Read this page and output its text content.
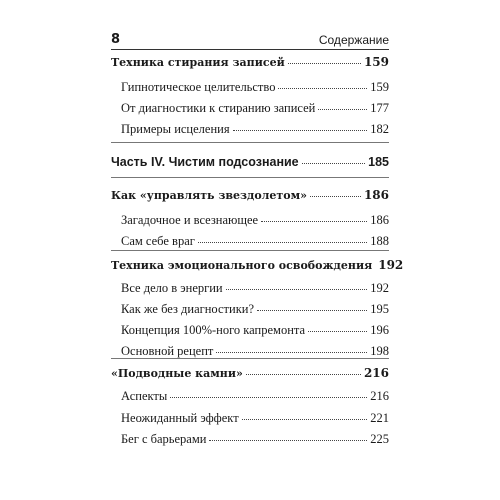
8	Содержание
Техника стирания записей	159
Гипнотическое целительство	159
От диагностики к стиранию записей	177
Примеры исцеления	182
Часть IV. Чистим подсознание	185
Как «управлять звездолетом»	186
Загадочное и всезнающее	186
Сам себе враг	188
Техника эмоционального освобождения 192
Все дело в энергии	192
Как же без диагностики?	195
Концепция 100%-ного капремонта	196
Основной рецепт	198
«Подводные камни»	216
Аспекты	216
Неожиданный эффект	221
Бег с барьерами	225
